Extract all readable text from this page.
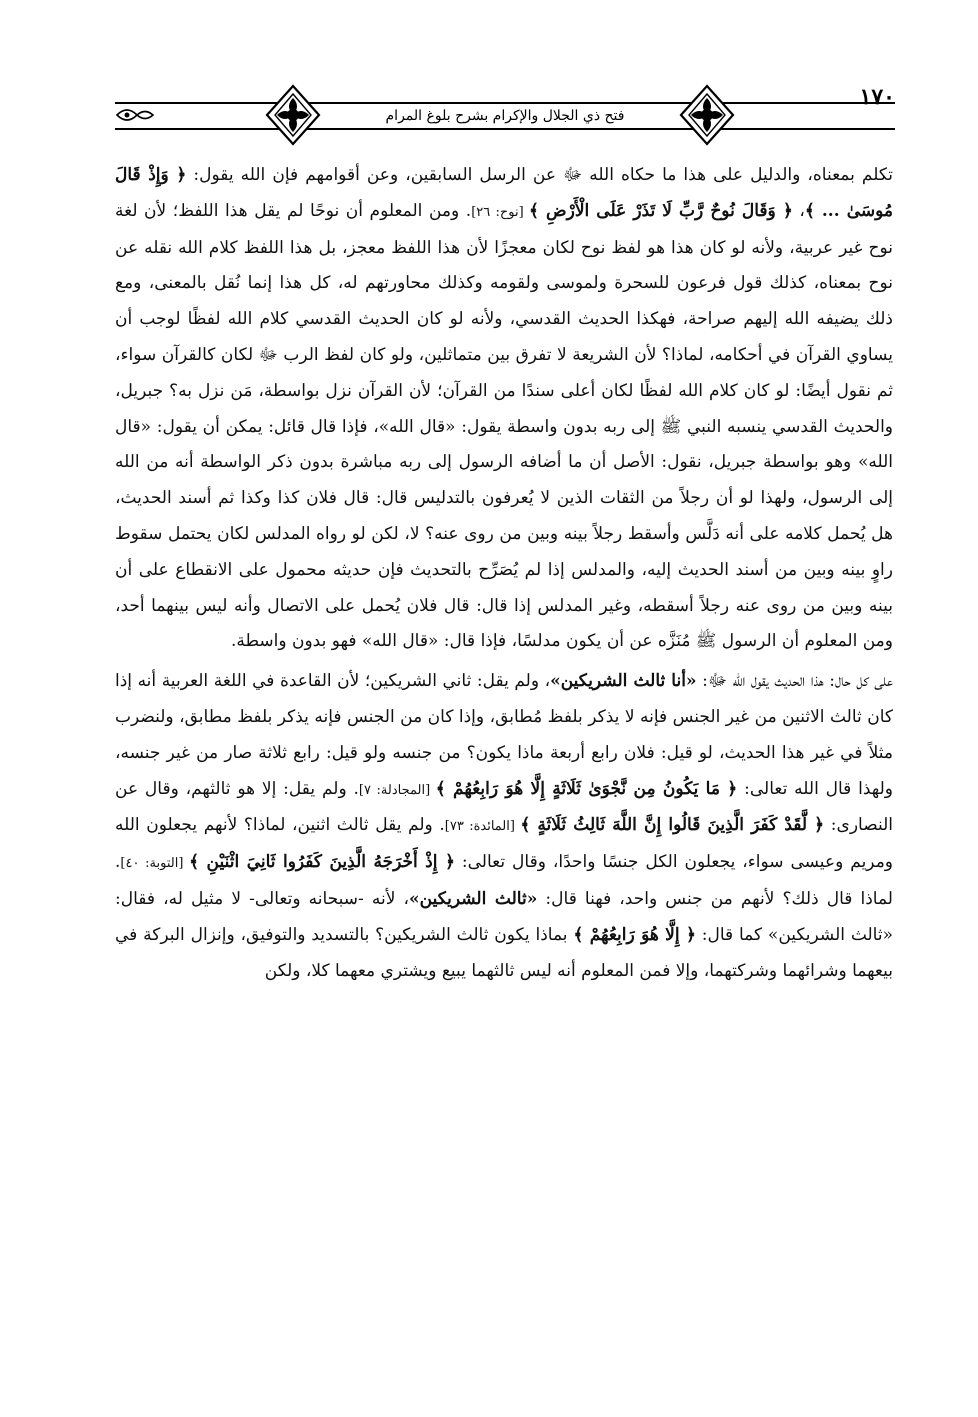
فتح ذي الجلال والإكرام بشرح بلوغ المرام
١٧٠

تكلم بمعناه، والدليل على هذا ما حكاه الله ﷻ عن الرسل السابقين، وعن أقوامهم فإن الله يقول: ﴿ وَإِذْ قَالَ مُوسَىٰ ... ﴾، ﴿ وَقَالَ نُوحٌ رَّبِّ لَا تَذَرْ عَلَى الْأَرْضِ ﴾ [نوح: ٢٦]. ومن المعلوم أن نوحًا لم يقل هذا اللفظ؛ لأن لغة نوح غير عربية، ولأنه لو كان هذا هو لفظ نوح لكان معجزًا لأن هذا اللفظ معجز، بل هذا اللفظ كلام الله نقله عن نوح بمعناه، كذلك قول فرعون للسحرة ولموسى ولقومه وكذلك محاورتهم له، كل هذا إنما نُقل بالمعنى، ومع ذلك يضيفه الله إليهم صراحة، فهكذا الحديث القدسي، ولأنه لو كان الحديث القدسي كلام الله لفظًا لوجب أن يساوي القرآن في أحكامه، لماذا؟ لأن الشريعة لا تفرق بين متماثلين، ولو كان لفظ الرب ﷻ لكان كالقرآن سواء، ثم نقول أيضًا: لو كان كلام الله لفظًا لكان أعلى سندًا من القرآن؛ لأن القرآن نزل بواسطة، مَن نزل به؟ جبريل، والحديث القدسي ينسبه النبي ﷺ إلى ربه بدون واسطة يقول: «قال الله»، فإذا قال قائل: يمكن أن يقول: «قال الله» وهو بواسطة جبريل، نقول: الأصل أن ما أضافه الرسول إلى ربه مباشرة بدون ذكر الواسطة أنه من الله إلى الرسول، ولهذا لو أن رجلاً من الثقات الذين لا يُعرفون بالتدليس قال: قال فلان كذا وكذا ثم أسند الحديث، هل يُحمل كلامه على أنه دَلَّس وأسقط رجلاً بينه وبين من روى عنه؟ لا، لكن لو رواه المدلس لكان يحتمل سقوط راوٍ بينه وبين من أسند الحديث إليه، والمدلس إذا لم يُصَرِّح بالتحديث فإن حديثه محمول على الانقطاع على أن بينه وبين من روى عنه رجلاً أسقطه، وغير المدلس إذا قال: قال فلان يُحمل على الاتصال وأنه ليس بينهما أحد، ومن المعلوم أن الرسول ﷺ مُنَزَّه عن أن يكون مدلسًا، فإذا قال: «قال الله» فهو بدون واسطة.

على كل حال: هذا الحديث يقول الله ﷻ: «أنا ثالث الشريكين»، ولم يقل: ثاني الشريكين؛ لأن القاعدة في اللغة العربية أنه إذا كان ثالث الاثنين من غير الجنس فإنه لا يذكر بلفظ مُطابق، وإذا كان من الجنس فإنه يذكر بلفظ مطابق، ولنضرب مثلاً في غير هذا الحديث، لو قيل: فلان رابع أربعة ماذا يكون؟ من جنسه ولو قيل: رابع ثلاثة صار من غير جنسه، ولهذا قال الله تعالى: ﴿ مَا يَكُونُ مِن نَّجْوَىٰ ثَلَاثَةٍ إِلَّا هُوَ رَابِعُهُمْ ﴾ [المجادلة: ٧]. ولم يقل: إلا هو ثالثهم، وقال عن النصارى: ﴿ لَّقَدْ كَفَرَ الَّذِينَ قَالُوا إِنَّ اللَّهَ ثَالِثُ ثَلَاثَةٍ ﴾ [المائدة: ٧٣]. ولم يقل ثالث اثنين، لماذا؟ لأنهم يجعلون الله ومريم وعيسى سواء، يجعلون الكل جنسًا واحدًا، وقال تعالى: ﴿ إِذْ أَخْرَجَهُ الَّذِينَ كَفَرُوا ثَانِيَ اثْنَيْنِ ﴾ [التوبة: ٤٠]. لماذا قال ذلك؟ لأنهم من جنس واحد، فهنا قال: «ثالث الشريكين»، لأنه -سبحانه وتعالى- لا مثيل له، فقال: «ثالث الشريكين» كما قال: ﴿ إِلَّا هُوَ رَابِعُهُمْ ﴾ بماذا يكون ثالث الشريكين؟ بالتسديد والتوفيق، وإنزال البركة في بيعهما وشرائهما وشركتهما، وإلا فمن المعلوم أنه ليس ثالثهما يبيع ويشتري معهما كلا، ولكن
